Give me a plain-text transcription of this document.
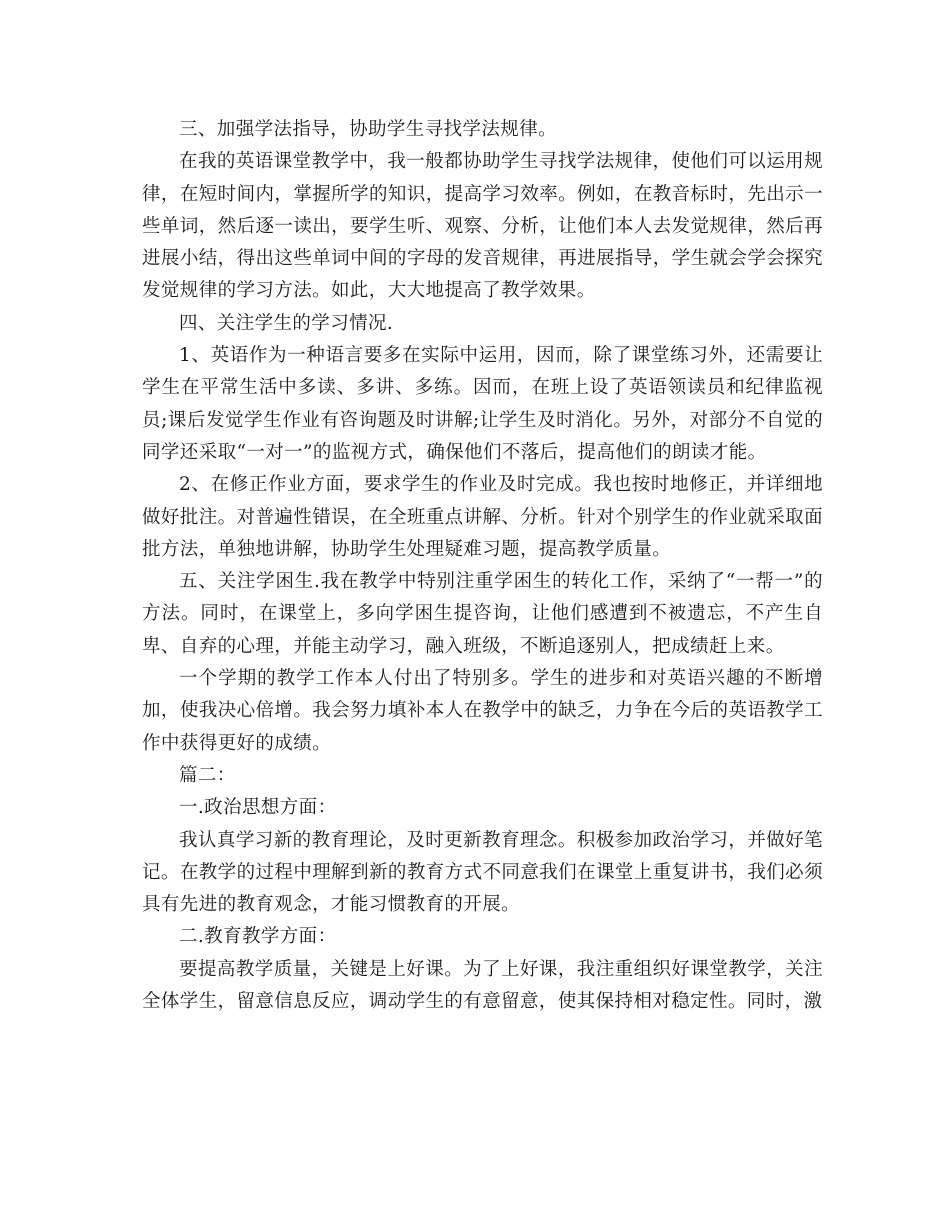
三、加强学法指导，协助学生寻找学法规律。

在我的英语课堂教学中，我一般都协助学生寻找学法规律，使他们可以运用规律，在短时间内，掌握所学的知识，提高学习效率。例如，在教音标时，先出示一些单词，然后逐一读出，要学生听、观察、分析，让他们本人去发觉规律，然后再进展小结，得出这些单词中间的字母的发音规律，再进展指导，学生就会学会探究发觉规律的学习方法。如此，大大地提高了教学效果。

四、关注学生的学习情况.

1、英语作为一种语言要多在实际中运用，因而，除了课堂练习外，还需要让学生在平常生活中多读、多讲、多练。因而，在班上设了英语领读员和纪律监视员;课后发觉学生作业有咨询题及时讲解;让学生及时消化。另外，对部分不自觉的同学还采取“一对一”的监视方式，确保他们不落后，提高他们的朗读才能。

2、在修正作业方面，要求学生的作业及时完成。我也按时地修正，并详细地做好批注。对普遍性错误，在全班重点讲解、分析。针对个别学生的作业就采取面批方法，单独地讲解，协助学生处理疑难习题，提高教学质量。

五、关注学困生.我在教学中特别注重学困生的转化工作，采纳了“一帮一”的方法。同时，在课堂上，多向学困生提咨询，让他们感遭到不被遗忘，不产生自卑、自弃的心理，并能主动学习，融入班级，不断追逐别人，把成绩赶上来。

一个学期的教学工作本人付出了特别多。学生的进步和对英语兴趣的不断增加，使我决心倍增。我会努力填补本人在教学中的缺乏，力争在今后的英语教学工作中获得更好的成绩。

篇二：

一.政治思想方面：

我认真学习新的教育理论，及时更新教育理念。积极参加政治学习，并做好笔记。在教学的过程中理解到新的教育方式不同意我们在课堂上重复讲书，我们必须具有先进的教育观念，才能习惯教育的开展。

二.教育教学方面：

要提高教学质量，关键是上好课。为了上好课，我注重组织好课堂教学，关注全体学生，留意信息反应，调动学生的有意留意，使其保持相对稳定性。同时，激
